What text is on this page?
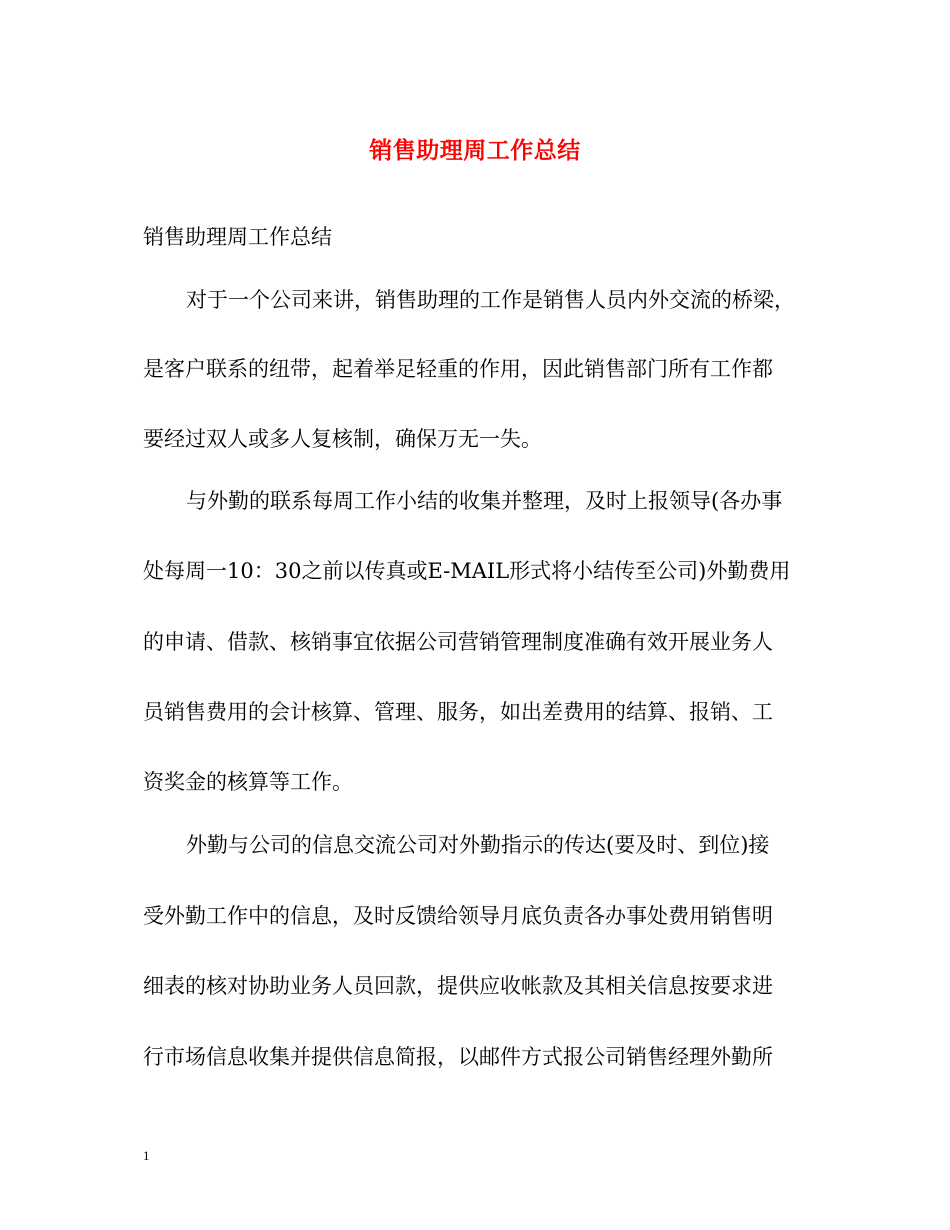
销售助理周工作总结
销售助理周工作总结
对于一个公司来讲，销售助理的工作是销售人员内外交流的桥梁，
是客户联系的纽带，起着举足轻重的作用，因此销售部门所有工作都
要经过双人或多人复核制，确保万无一失。
与外勤的联系每周工作小结的收集并整理，及时上报领导(各办事
处每周一10：30之前以传真或E-MAIL形式将小结传至公司)外勤费用
的申请、借款、核销事宜依据公司营销管理制度准确有效开展业务人
员销售费用的会计核算、管理、服务，如出差费用的结算、报销、工
资奖金的核算等工作。
外勤与公司的信息交流公司对外勤指示的传达(要及时、到位)接
受外勤工作中的信息，及时反馈给领导月底负责各办事处费用销售明
细表的核对协助业务人员回款，提供应收帐款及其相关信息按要求进
行市场信息收集并提供信息简报，以邮件方式报公司销售经理外勤所
1
